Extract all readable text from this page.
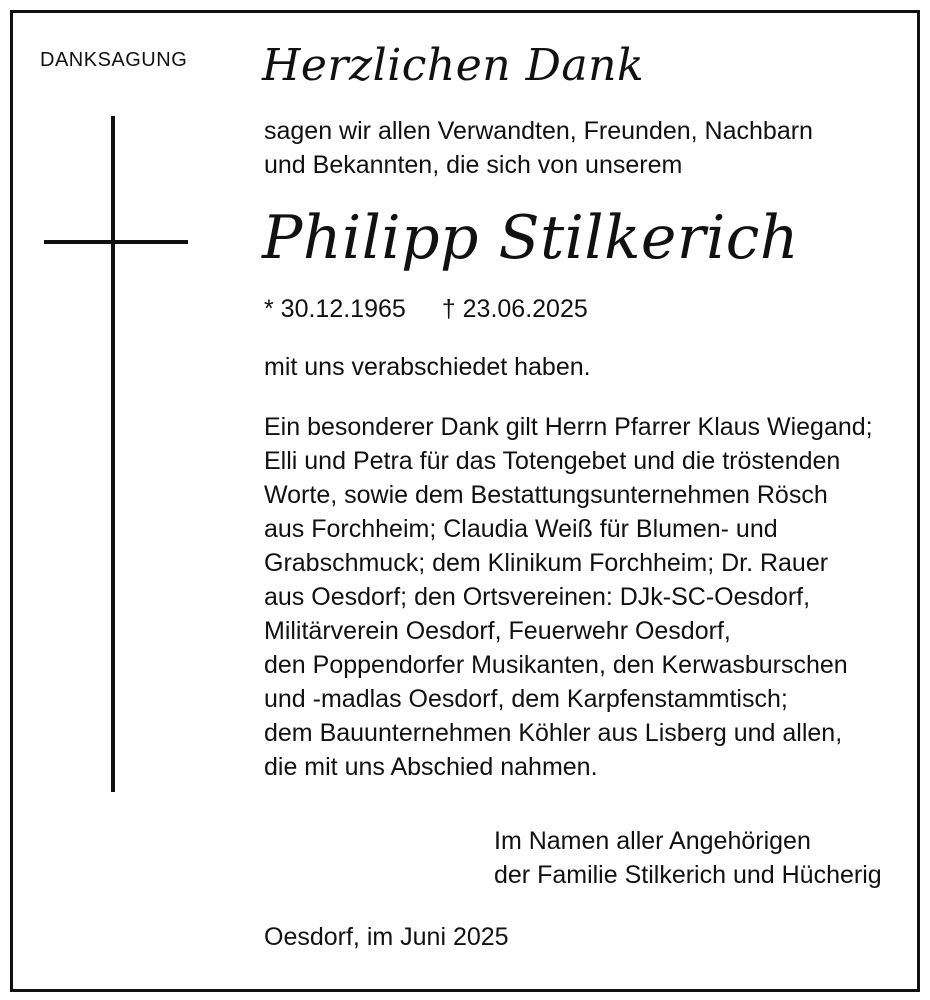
DANKSAGUNG Herzlichen Dank
sagen wir allen Verwandten, Freunden, Nachbarn
und Bekannten, die sich von unserem
Philipp Stilkerich
* 30.12.1965 † 23.06.2025
mit uns verabschiedet haben.
Ein besonderer Dank gilt Herrn Pfarrer Klaus Wiegand;
Elli und Petra für das Totengebet und die tröstenden
Worte, sowie dem Bestattungsunternehmen Rösch
aus Forchheim; Claudia Weiß für Blumen- und
Grabschmuck; dem Klinikum Forchheim; Dr. Rauer
aus Oesdorf; den Ortsvereinen: DJk-SC-Oesdorf,
Militärverein Oesdorf, Feuerwehr Oesdorf,
den Poppendorfer Musikanten, den Kerwasburschen
und -madlas Oesdorf, dem Karpfenstammtisch;
dem Bauunternehmen Köhler aus Lisberg und allen,
die mit uns Abschied nahmen.
Im Namen aller Angehörigen
der Familie Stilkerich und Hücherig
Oesdorf, im Juni 2025
